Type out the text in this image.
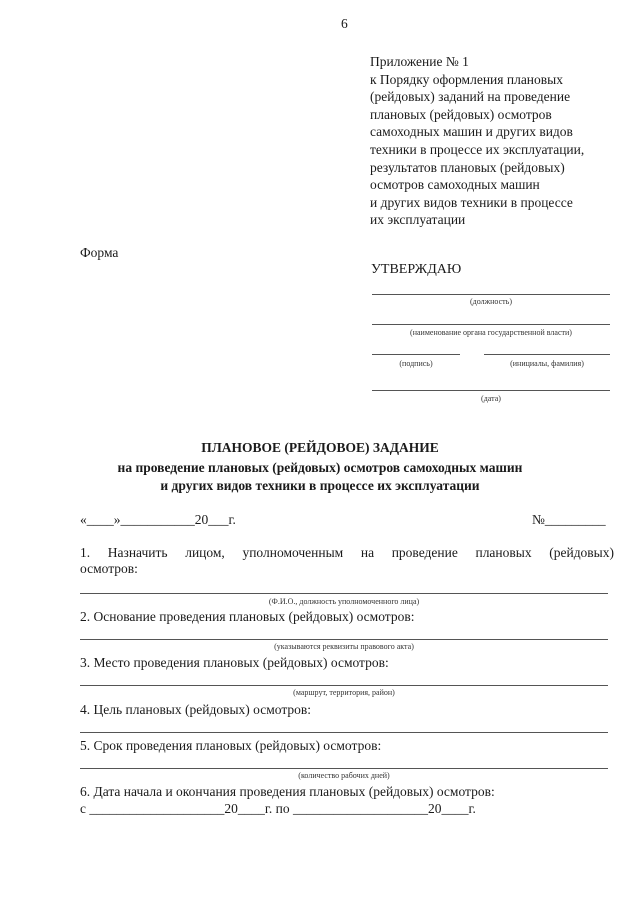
6
Приложение № 1
к Порядку оформления плановых
(рейдовых) заданий на проведение
плановых (рейдовых) осмотров
самоходных машин и других видов
техники в процессе их эксплуатации,
результатов плановых (рейдовых)
осмотров самоходных машин
и других видов техники в процессе
их эксплуатации
Форма
УТВЕРЖДАЮ
(должность)
(наименование органа государственной власти)
(подпись)	(инициалы, фамилия)
(дата)
ПЛАНОВОЕ (РЕЙДОВОЕ) ЗАДАНИЕ
на проведение плановых (рейдовых) осмотров самоходных машин
и других видов техники в процессе их эксплуатации
«____»___________20___г.	№_________
1. Назначить лицом, уполномоченным на проведение плановых (рейдовых)
осмотров:
(Ф.И.О., должность уполномоченного лица)
2. Основание проведения плановых (рейдовых) осмотров:
(указываются реквизиты правового акта)
3. Место проведения плановых (рейдовых) осмотров:
(маршрут, территория, район)
4. Цель плановых (рейдовых) осмотров:
5. Срок проведения плановых (рейдовых) осмотров:
(количество рабочих дней)
6. Дата начала и окончания проведения плановых (рейдовых) осмотров:
с ____________________20____г. по ____________________20____г.
